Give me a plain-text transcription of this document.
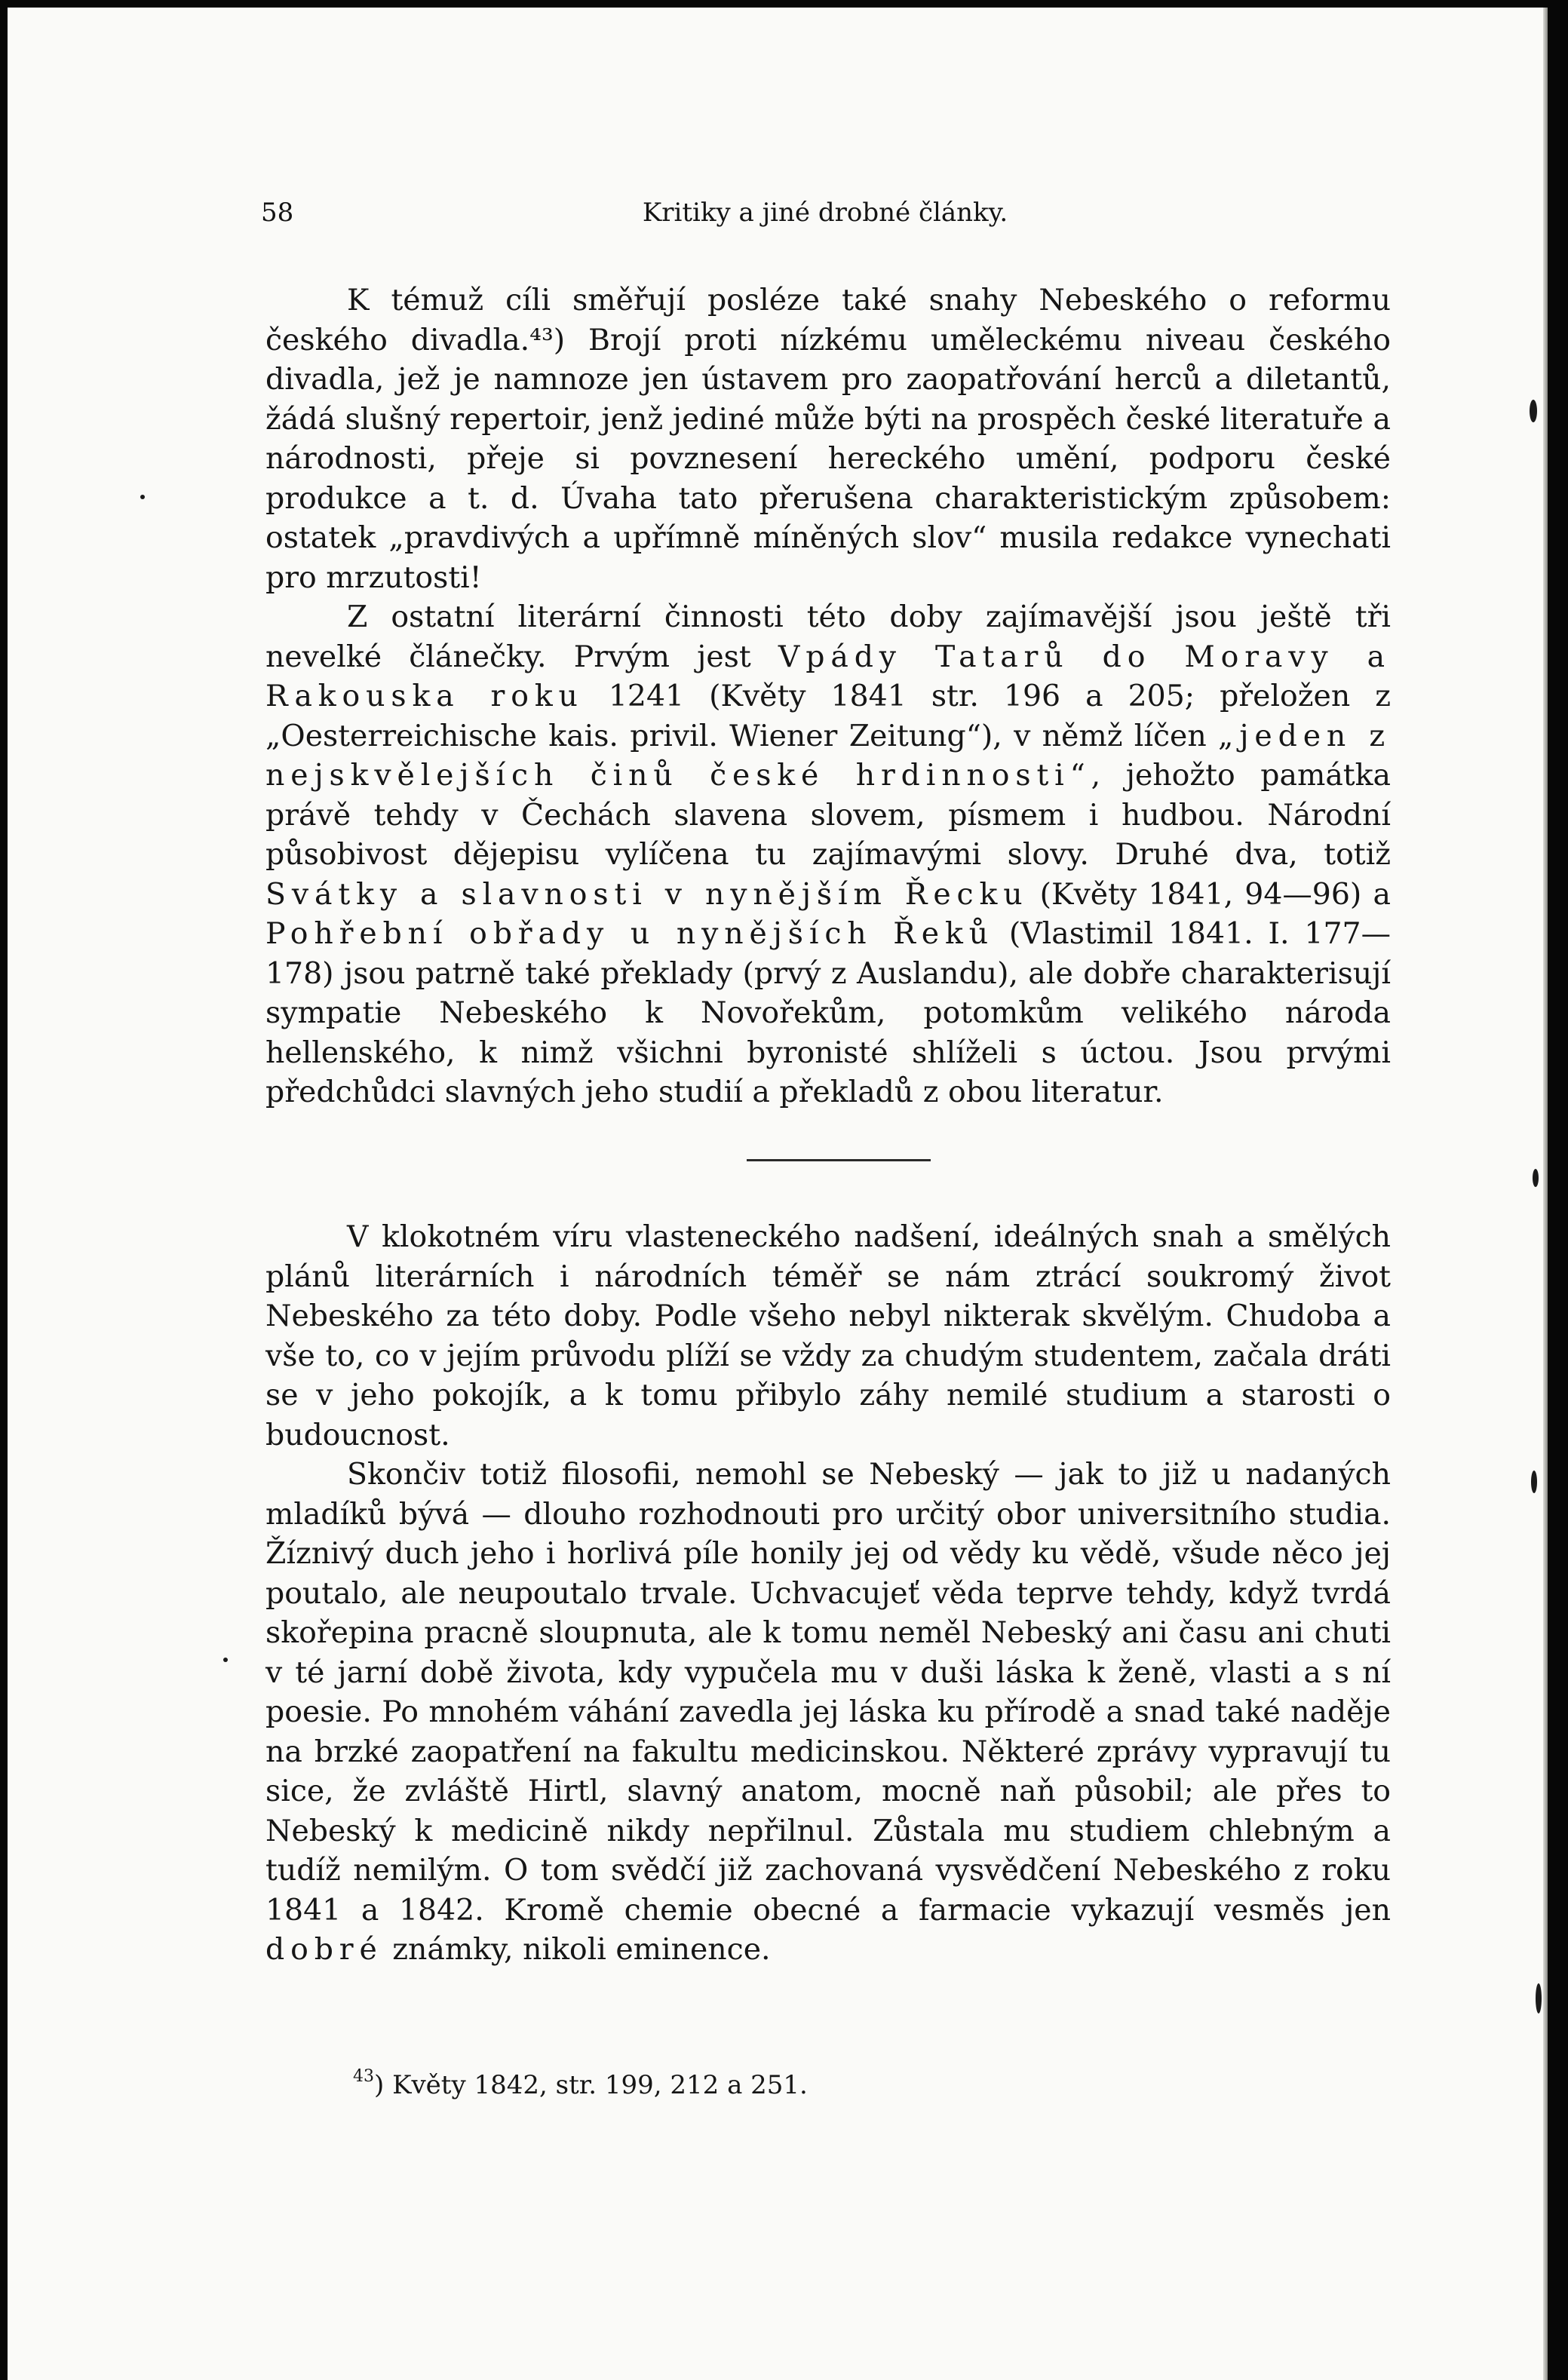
58	Kritiky a jiné drobné články.

K témuž cíli směřují posléze také snahy Nebeského o reformu českého divadla.⁴³) Brojí proti nízkému uměleckému niveau českého divadla, jež je namnoze jen ústavem pro zaopatřování herců a diletantů, žádá slušný repertoir, jenž jediné může býti na prospěch české literatuře a národnosti, přeje si povznesení hereckého umění, podporu české produkce a t. d. Úvaha tato přerušena charakteristickým způsobem: ostatek „pravdivých a upřímně míněných slov“ musila redakce vynechati pro mrzutosti!

Z ostatní literární činnosti této doby zajímavější jsou ještě tři nevelké článečky. Prvým jest Vpády Tatarů do Moravy a Rakouska roku 1241 (Květy 1841 str. 196 a 205; přeložen z „Oesterreichische kais. privil. Wiener Zeitung“), v němž líčen „jeden z nejskvělejších činů české hrdinnosti“, jehožto památka právě tehdy v Čechách slavena slovem, písmem i hudbou. Národní působivost dějepisu vylíčena tu zajímavými slovy. Druhé dva, totiž Svátky a slavnosti v nynějším Řecku (Květy 1841, 94—96) a Pohřební obřady u nynějších Řeků (Vlastimil 1841. I. 177—178) jsou patrně také překlady (prvý z Auslandu), ale dobře charakterisují sympatie Nebeského k Novořekům, potomkům velikého národa hellenského, k nimž všichni byronisté shlíželi s úctou. Jsou prvými předchůdci slavných jeho studií a překladů z obou literatur.

V klokotném víru vlasteneckého nadšení, ideálných snah a smělých plánů literárních i národních téměř se nám ztrácí soukromý život Nebeského za této doby. Podle všeho nebyl nikterak skvělým. Chudoba a vše to, co v jejím průvodu plíží se vždy za chudým studentem, začala dráti se v jeho pokojík, a k tomu přibylo záhy nemilé studium a starosti o budoucnost.

Skončiv totiž filosofii, nemohl se Nebeský — jak to již u nadaných mladíků bývá — dlouho rozhodnouti pro určitý obor universitního studia. Žíznivý duch jeho i horlivá píle honily jej od vědy ku vědě, všude něco jej poutalo, ale neupoutalo trvale. Uchvacujeť věda teprve tehdy, když tvrdá skořepina pracně sloupnuta, ale k tomu neměl Nebeský ani času ani chuti v té jarní době života, kdy vypučela mu v duši láska k ženě, vlasti a s ní poesie. Po mnohém váhání zavedla jej láska ku přírodě a snad také naděje na brzké zaopatření na fakultu medicinskou. Některé zprávy vypravují tu sice, že zvláště Hirtl, slavný anatom, mocně naň působil; ale přes to Nebeský k medicině nikdy nepřilnul. Zůstala mu studiem chlebným a tudíž nemilým. O tom svědčí již zachovaná vysvědčení Nebeského z roku 1841 a 1842. Kromě chemie obecné a farmacie vykazují vesměs jen dobré známky, nikoli eminence.

$^{43}$) Květy 1842, str. 199, 212 a 251.
